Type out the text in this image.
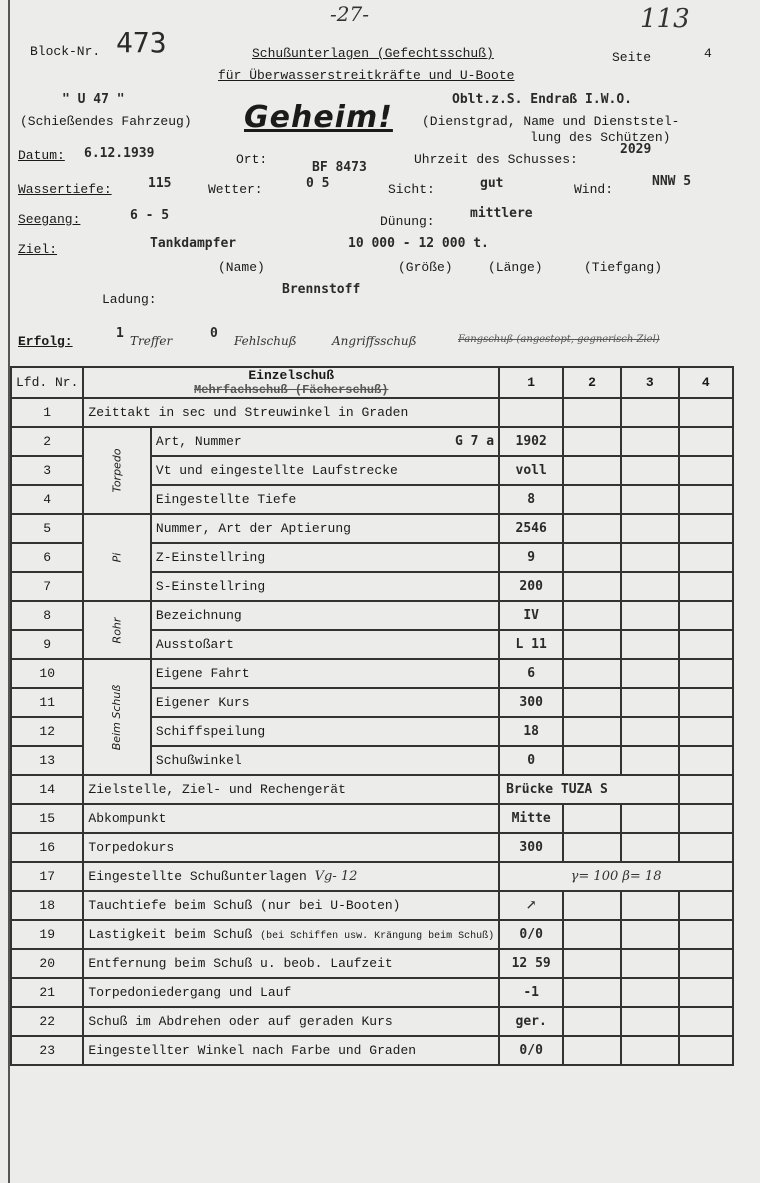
-27-	113
Block-Nr. 473	Schußunterlagen (Gefechtsschuß)
für Überwasserstreitkräfte und U-Boote
Seite	4
" U 47 "
(Schießendes Fahrzeug) Geheim!
Oblt.z.S. Endraß I.W.O.
(Dienstgrad, Name und Dienststel-
lung des Schützen)
Datum: 6.12.1939	Ort:
BF 8473
Uhrzeit des Schusses:
2029
Wassertiefe:	115	Wetter:	0 5	Sicht:	gut	Wind:
NNW 5
Seegang:	6 - 5	Dünung:
mittlere
Ziel:	Tankdampfer	10 000 - 12 000 t.
(Name)	(Größe)	(Länge)	(Tiefgang)
Ladung:
Brennstoff
Erfolg:
1 Treffer	0 Fehlschuß	Angriffsschuß	Fangschuß (angestopt, gegnerisch Ziel)
Lfd. Nr.	Einzelschuß
Mehrfachschuß (Fächerschuß)		1	2	3	4
1	Zeittakt in sec und Streuwinkel in Graden					
2	Torpedo	Art, Nummer G 7 a	1902			
3		Vt und eingestellte Laufstrecke	voll			
4		Eingestellte Tiefe	8			
5	Pi	Nummer, Art der Aptierung	2546			
6		Z-Einstellring	9			
7		S-Einstellring	200			
8	Rohr	Bezeichnung	IV			
9		Ausstoßart	L 11			
10	Beim Schuß	Eigene Fahrt	6			
11		Eigener Kurs	300			
12		Schiffspeilung	18			
13		Schußwinkel	0			
14	Zielstelle, Ziel- und Rechengerät		Brücke TUZA S			
15	Abkompunkt		Mitte			
16	Torpedokurs		300			
17	Eingestellte Schußunterlagen Vg- 12		γ= 100 β= 18			
18	Tauchtiefe beim Schuß (nur bei U-Booten)		↗			
19	Lastigkeit beim Schuß (bei Schiffen usw. Krängung beim Schuß)		0/0			
20	Entfernung beim Schuß u. beob. Laufzeit		12 59			
21	Torpedoniedergang und Lauf		-1			
22	Schuß im Abdrehen oder auf geraden Kurs		ger.			
23	Eingestellter Winkel nach Farbe und Graden		0/0			
